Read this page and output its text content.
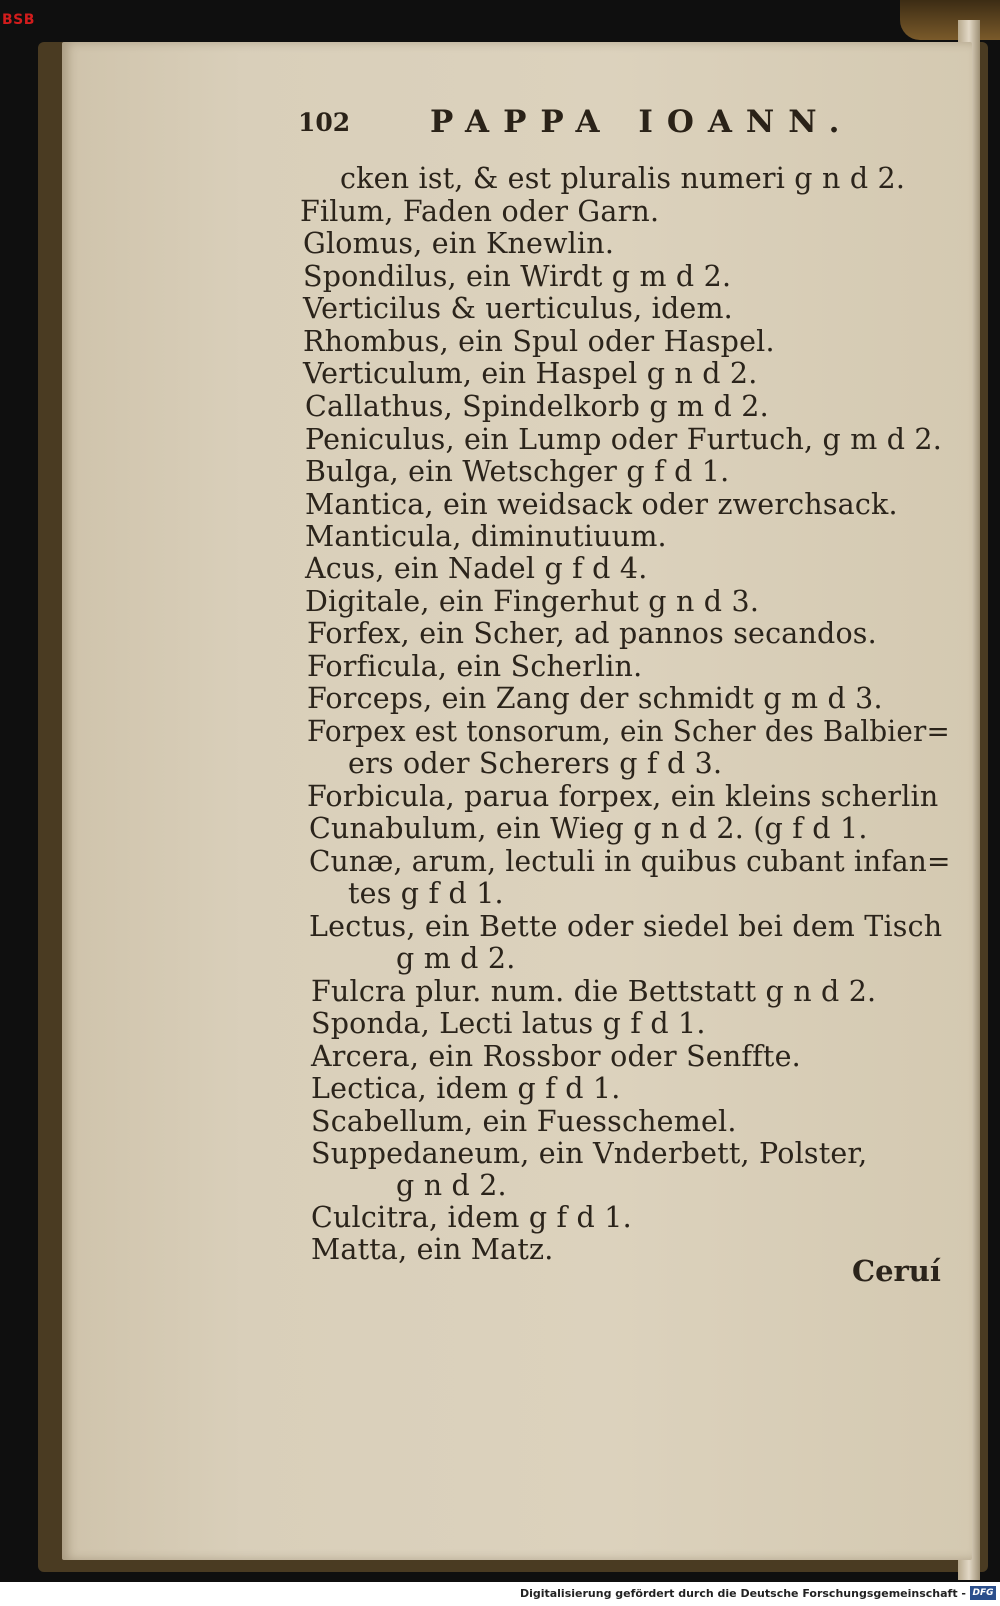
BSB
102	PAPPA IOANN.
cken ist, & est pluralis numeri g n d 2.
Filum, Faden oder Garn.
Glomus, ein Knewlin.
Spondilus, ein Wirdt g m d 2.
Verticilus & uerticulus, idem.
Rhombus, ein Spul oder Haspel.
Verticulum, ein Haspel g n d 2.
Callathus, Spindelkorb g m d 2.
Peniculus, ein Lump oder Furtuch, g m d 2.
Bulga, ein Wetschger g f d 1.
Mantica, ein weidsack oder zwerchsack.
Manticula, diminutiuum.
Acus, ein Nadel g f d 4.
Digitale, ein Fingerhut g n d 3.
Forfex, ein Scher, ad pannos secandos.
Forficula, ein Scherlin.
Forceps, ein Zang der schmidt g m d 3.
Forpex est tonsorum, ein Scher des Balbier=
ers oder Scherers g f d 3.
Forbicula, parua forpex, ein kleins scherlin
Cunabulum, ein Wieg g n d 2. (g f d 1.
Cunæ, arum, lectuli in quibus cubant infan=
tes g f d 1.
Lectus, ein Bette oder siedel bei dem Tisch
g m d 2.
Fulcra plur. num. die Bettstatt g n d 2.
Sponda, Lecti latus g f d 1.
Arcera, ein Rossbor oder Senffte.
Lectica, idem g f d 1.
Scabellum, ein Fuesschemel.
Suppedaneum, ein Vnderbett, Polster,
g n d 2.
Culcitra, idem g f d 1.
Matta, ein Matz.
Ceruí
Digitalisierung gefördert durch die Deutsche Forschungsgemeinschaft - DFG
